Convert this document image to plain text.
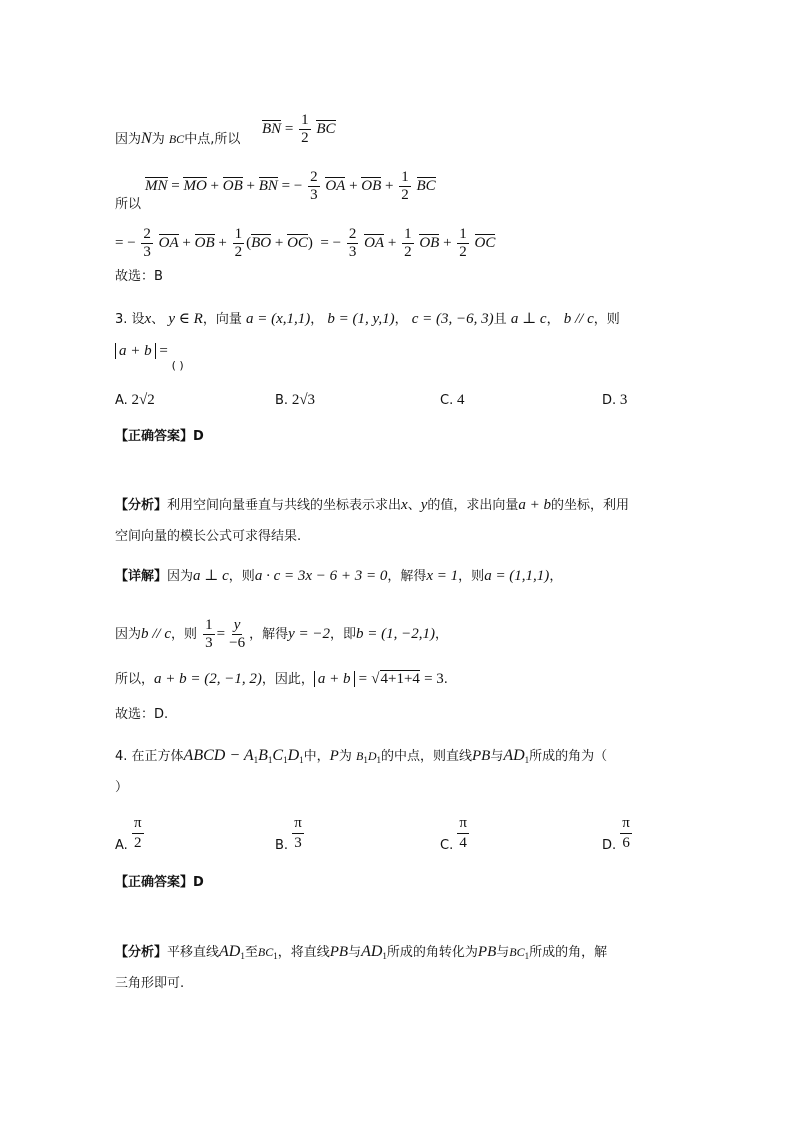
BN = $\frac{1}{2}$ BC
因为N为 BC中点,所以
MN = MO + OB + BN = − $\frac{2}{3}$ OA + OB + $\frac{1}{2}$ BC
所以
= − $\frac{2}{3}$ OA + OB + $\frac{1}{2} (BO + OC)$ = − $\frac{2}{3}$ OA + $\frac{1}{2}$ OB + $\frac{1}{2}$ OC
故选：B
3. 设x、 y ∈ R，向量 a = (x,1,1)， b = (1, y,1)， c = (3, −6, 3)且 a ⊥ c， b // c，则
a + b = $_{( )}$
A. 2√2	B. 2√3	C. 4	D. 3
【正确答案】D
【分析】利用空间向量垂直与共线的坐标表示求出x、y的值，求出向量a + b的坐标，利用
空间向量的模长公式可求得结果.
【详解】因为a ⊥ c，则a · c = 3x − 6 + 3 = 0，解得x = 1，则a = (1,1,1)，
因为b // c，则 $\frac{1}{3} = \frac{y}{-6}$ ，解得y = −2，即b = (1, −2,1)，
所以，a + b = (2, −1, 2)，因此， a + b = √4+1+4 = 3.
故选：D.
4. 在正方体ABCD − $A_1B_1C_1D_1$中，P为 $B_1D_1$的中点，则直线PB与$AD_1$所成的角为（
）
A. $\frac{\pi}{2}$	B. $\frac{\pi}{3}$	C. $\frac{\pi}{4}$	D. $\frac{\pi}{6}$
【正确答案】D
【分析】平移直线$AD_1$至$BC_1$，将直线PB与$AD_1$所成的角转化为PB与$BC_1$所成的角，解
三角形即可.
